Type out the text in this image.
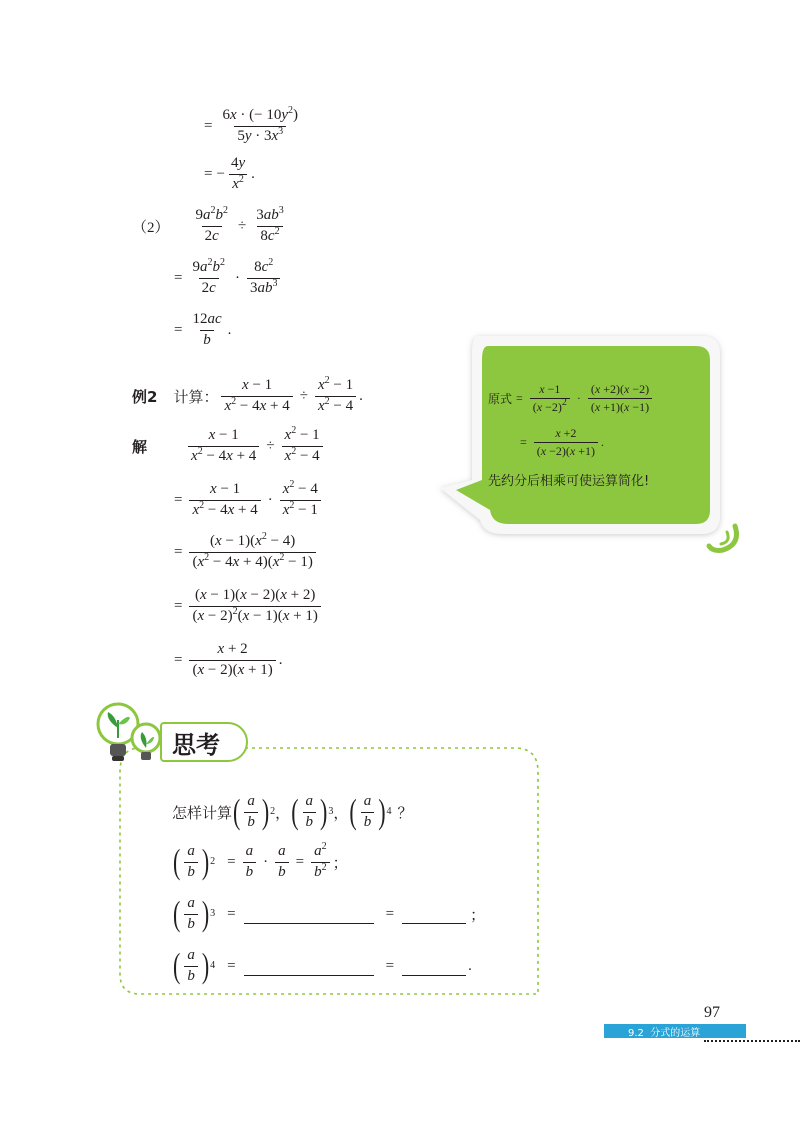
= $\frac{6x \cdot (- 10y^2)}{5y \cdot 3x^3}$
= − $\frac{4y}{x^2}$ .
$(2) \frac{9a^2b^2}{2c} \div \frac{3ab^3}{8c^2}$
= $\frac{9a^2b^2}{2c} \cdot \frac{8c^2}{3ab^3}$
= $\frac{12ac}{b}$ .
例2 计算： $\frac{x - 1}{x^2 - 4x + 4} \div \frac{x^2 - 1}{x^2 - 4}$ .
解	$\frac{x - 1}{x^2 - 4x + 4} \div \frac{x^2 - 1}{x^2 - 4}$
= $\frac{x - 1}{x^2 - 4x + 4} \cdot \frac{x^2 - 4}{x^2 - 1}$
= $\frac{(x - 1)(x^2 - 4)}{(x^2 - 4x + 4)(x^2 - 1)}$
= $\frac{(x - 1)(x - 2)(x + 2)}{(x - 2)^2(x - 1)(x + 1)}$
= $\frac{x + 2}{(x - 2)(x + 1)}$ .
原式 = $\frac{x -1}{(x -2)^2} \cdot \frac{(x +2)(x -2)}{(x +1)(x -1)}$
= $\frac{x +2}{(x -2)(x +1)}$ .
先约分后相乘可使运算简化!
思考
怎样计算 ( $\frac{a}{b}$ ) 2 ， ( $\frac{a}{b}$ ) 3 ， ( $\frac{a}{b}$ ) 4 ？
( $\frac{a}{b}$ ) $2 = \frac{a}{b} \cdot \frac{a}{b} = \frac{a^2}{b^2}$ ；
( $\frac{a}{b}$ ) 3 =	=	；
( $\frac{a}{b}$ ) 4 =	=	.
97
9.2  分式的运算
